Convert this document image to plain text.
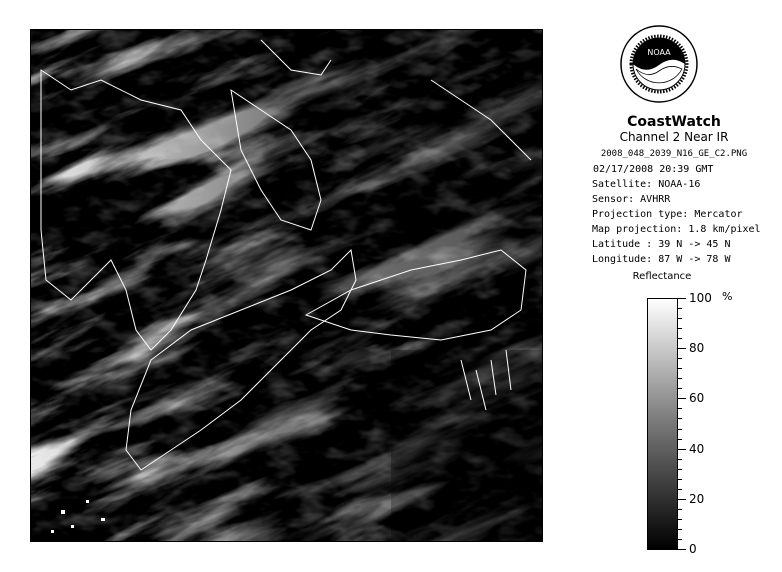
NOAA
CoastWatch
Channel 2 Near IR
2008_048_2039_N16_GE_C2.PNG
02/17/2008 20:39 GMT
Satellite: NOAA-16
Sensor: AVHRR
Projection type: Mercator
Map projection: 1.8 km/pixel
Latitude : 39 N -> 45 N
Longitude: 87 W -> 78 W
Reflectance
%
100
80
60
40
20
0
